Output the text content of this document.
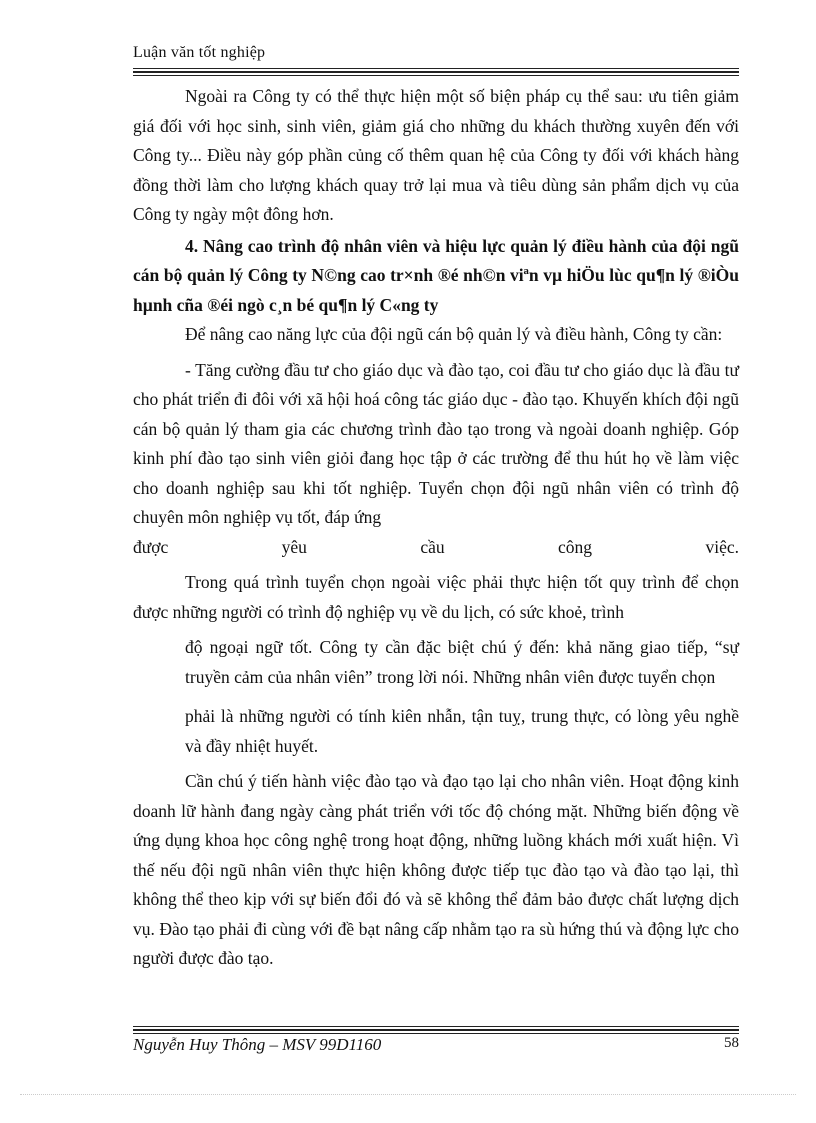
Luận văn tốt nghiệp

Ngoài ra Công ty có thể thực hiện một số biện pháp cụ thể sau: ưu tiên giảm giá đối với học sinh, sinh viên, giảm giá cho những du khách thường xuyên đến với Công ty... Điều này góp phần củng cố thêm quan hệ của Công ty đối với khách hàng đồng thời làm cho lượng khách quay trở lại mua và tiêu dùng sản phẩm dịch vụ của Công ty ngày một đông hơn.

4. Nâng cao trình độ nhân viên và hiệu lực quản lý điều hành của đội ngũ cán bộ quản lý Công ty N©ng cao tr×nh ®é nh©n viªn vµ hiÖu lùc qu¶n lý ®iÒu hµnh cña ®éi ngò c¸n bé qu¶n lý C«ng ty

Để nâng cao năng lực của đội ngũ cán bộ quản lý và điều hành, Công ty cần:

- Tăng cường đầu tư cho giáo dục và đào tạo, coi đầu tư cho giáo dục là đầu tư cho phát triển đi đôi với xã hội hoá công tác giáo dục - đào tạo. Khuyến khích đội ngũ cán bộ quản lý tham gia các chương trình đào tạo trong và ngoài doanh nghiệp. Góp kinh phí đào tạo sinh viên giỏi đang học tập ở các trường để thu hút họ về làm việc cho doanh nghiệp sau khi tốt nghiệp. Tuyển chọn đội ngũ nhân viên có trình độ chuyên môn nghiệp vụ tốt, đáp ứng

được yêu cầu công việc.

Trong quá trình tuyển chọn ngoài việc phải thực hiện tốt quy trình để chọn được những người có trình độ nghiệp vụ về du lịch, có sức khoẻ, trình

độ ngoại ngữ tốt. Công ty cần đặc biệt chú ý đến: khả năng giao tiếp, “sự truyền cảm của nhân viên” trong lời nói. Những nhân viên được tuyển chọn

phải là những người có tính kiên nhẫn, tận tuỵ, trung thực, có lòng yêu nghề và đầy nhiệt huyết.

Cần chú ý tiến hành việc đào tạo và đạo tạo lại cho nhân viên. Hoạt động kinh doanh lữ hành đang ngày càng phát triển với tốc độ chóng mặt. Những biến động về ứng dụng khoa học công nghệ trong hoạt động, những luồng khách mới xuất hiện. Vì thế nếu đội ngũ nhân viên thực hiện không được tiếp tục đào tạo và đào tạo lại, thì không thể theo kịp với sự biến đổi đó và sẽ không thể đảm bảo được chất lượng dịch vụ. Đào tạo phải đi cùng với đề bạt nâng cấp nhằm tạo ra sù hứng thú và động lực cho người được đào tạo.

Nguyễn Huy Thông – MSV 99D1160	58
